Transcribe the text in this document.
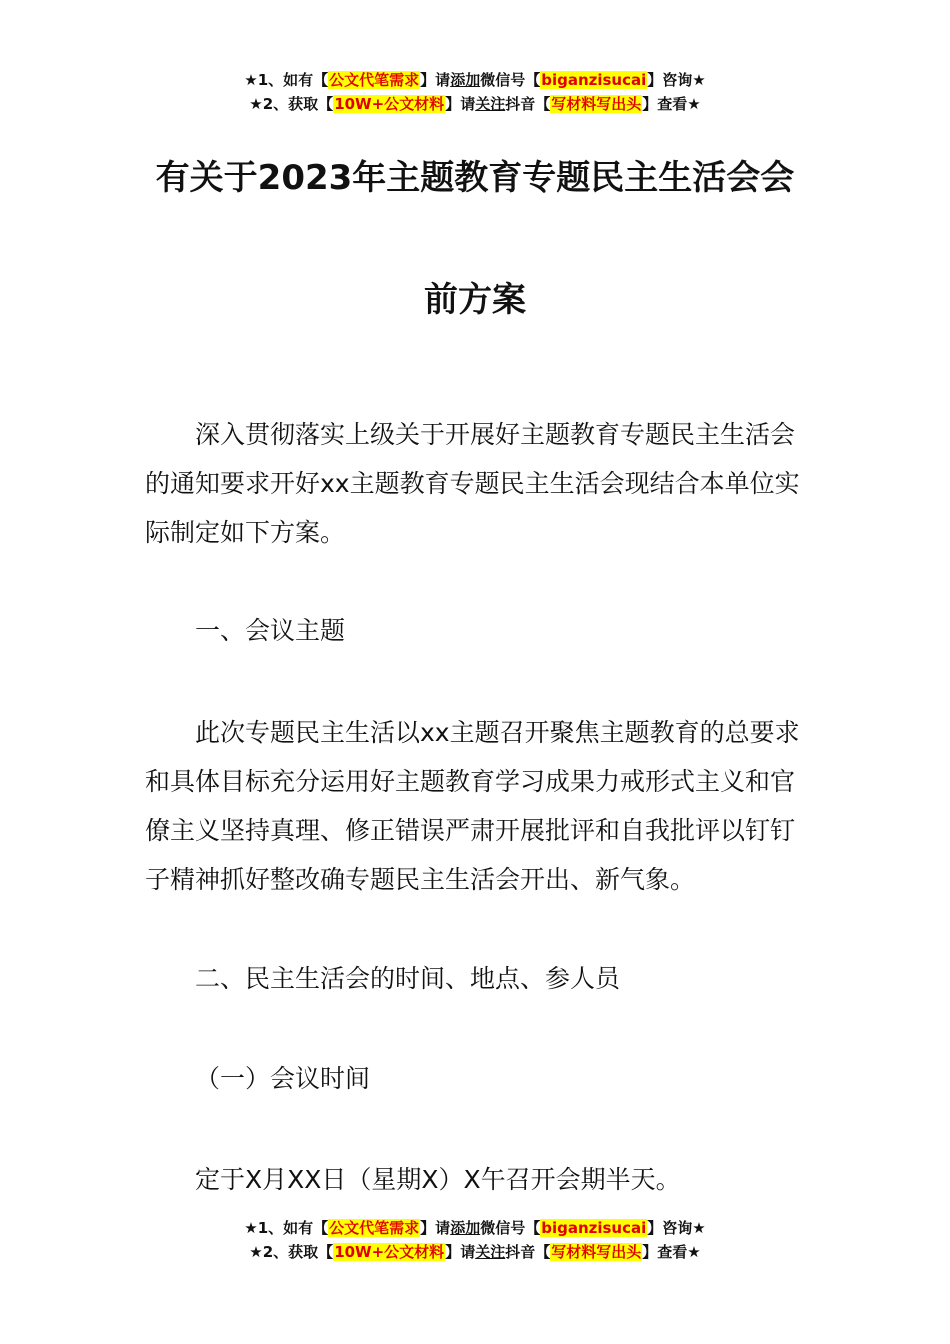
★1、如有【公文代笔需求】请添加微信号【biganzisucai】咨询★
★2、获取【10W+公文材料】请关注抖音【写材料写出头】查看★
有关于2023年主题教育专题民主生活会会
前方案
深入贯彻落实上级关于开展好主题教育专题民主生活会的通知要求开好xx主题教育专题民主生活会现结合本单位实际制定如下方案。
一、会议主题
此次专题民主生活以xx主题召开聚焦主题教育的总要求和具体目标充分运用好主题教育学习成果力戒形式主义和官僚主义坚持真理、修正错误严肃开展批评和自我批评以钉钉子精神抓好整改确专题民主生活会开出、新气象。
二、民主生活会的时间、地点、参人员
（一）会议时间
定于X月XX日（星期X）X午召开会期半天。
★1、如有【公文代笔需求】请添加微信号【biganzisucai】咨询★
★2、获取【10W+公文材料】请关注抖音【写材料写出头】查看★
